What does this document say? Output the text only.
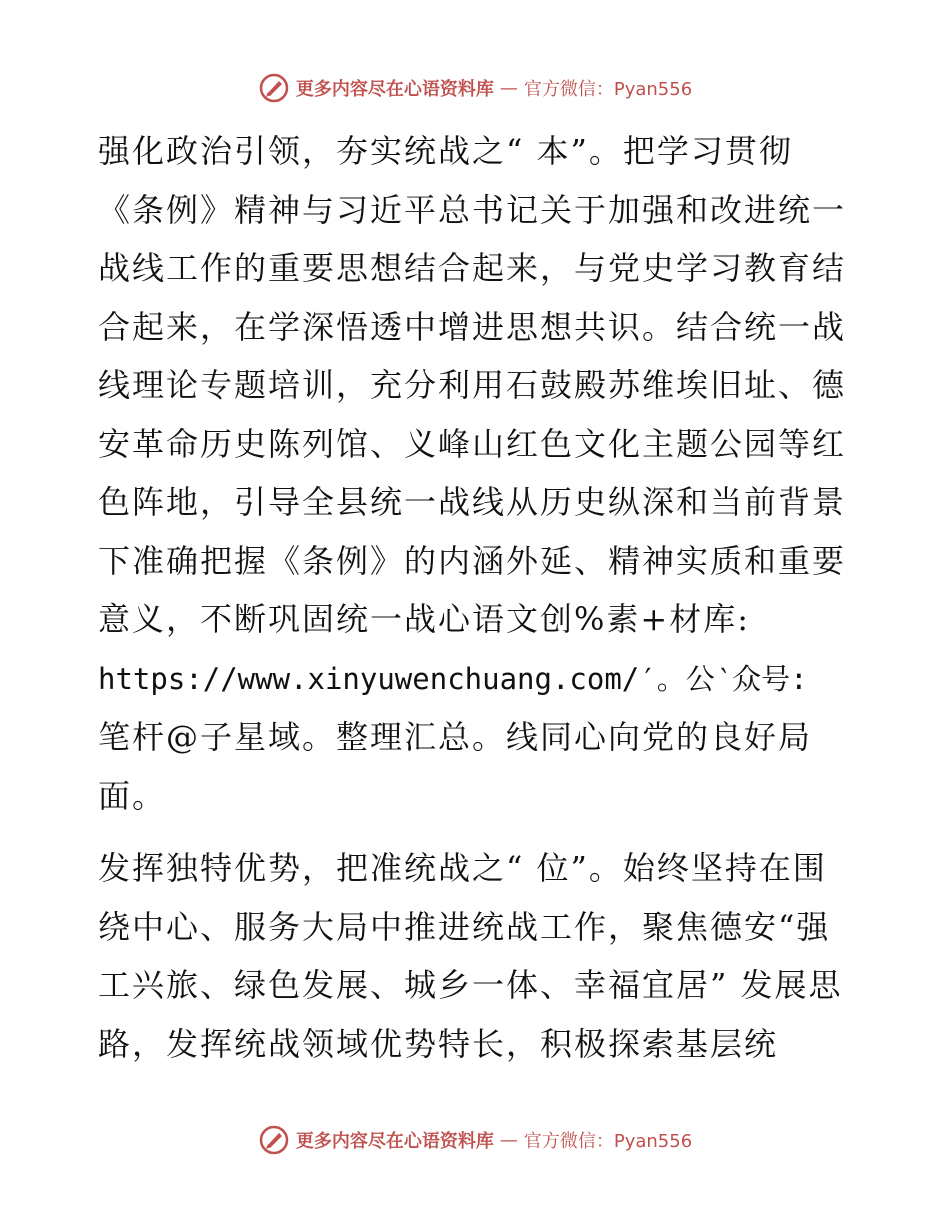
更多内容尽在心语资料库 — 官方微信：Pyan556

强化政治引领，夯实统战之“ 本”。把学习贯彻《条例》精神与习近平总书记关于加强和改进统一战线工作的重要思想结合起来，与党史学习教育结合起来，在学深悟透中增进思想共识。结合统一战线理论专题培训，充分利用石鼓殿苏维埃旧址、德安革命历史陈列馆、义峰山红色文化主题公园等红色阵地，引导全县统一战线从历史纵深和当前背景下准确把握《条例》的内涵外延、精神实质和重要意义，不断巩固统一战心语文创%素+材库:
https://www.xinyuwenchuang.com/′。公‵众号:
笔杆@子星域。整理汇总。线同心向党的良好局面。

发挥独特优势，把准统战之“ 位”。始终坚持在围绕中心、服务大局中推进统战工作，聚焦德安“强工兴旅、绿色发展、城乡一体、幸福宜居” 发展思路，发挥统战领域优势特长，积极探索基层统

更多内容尽在心语资料库 — 官方微信：Pyan556
